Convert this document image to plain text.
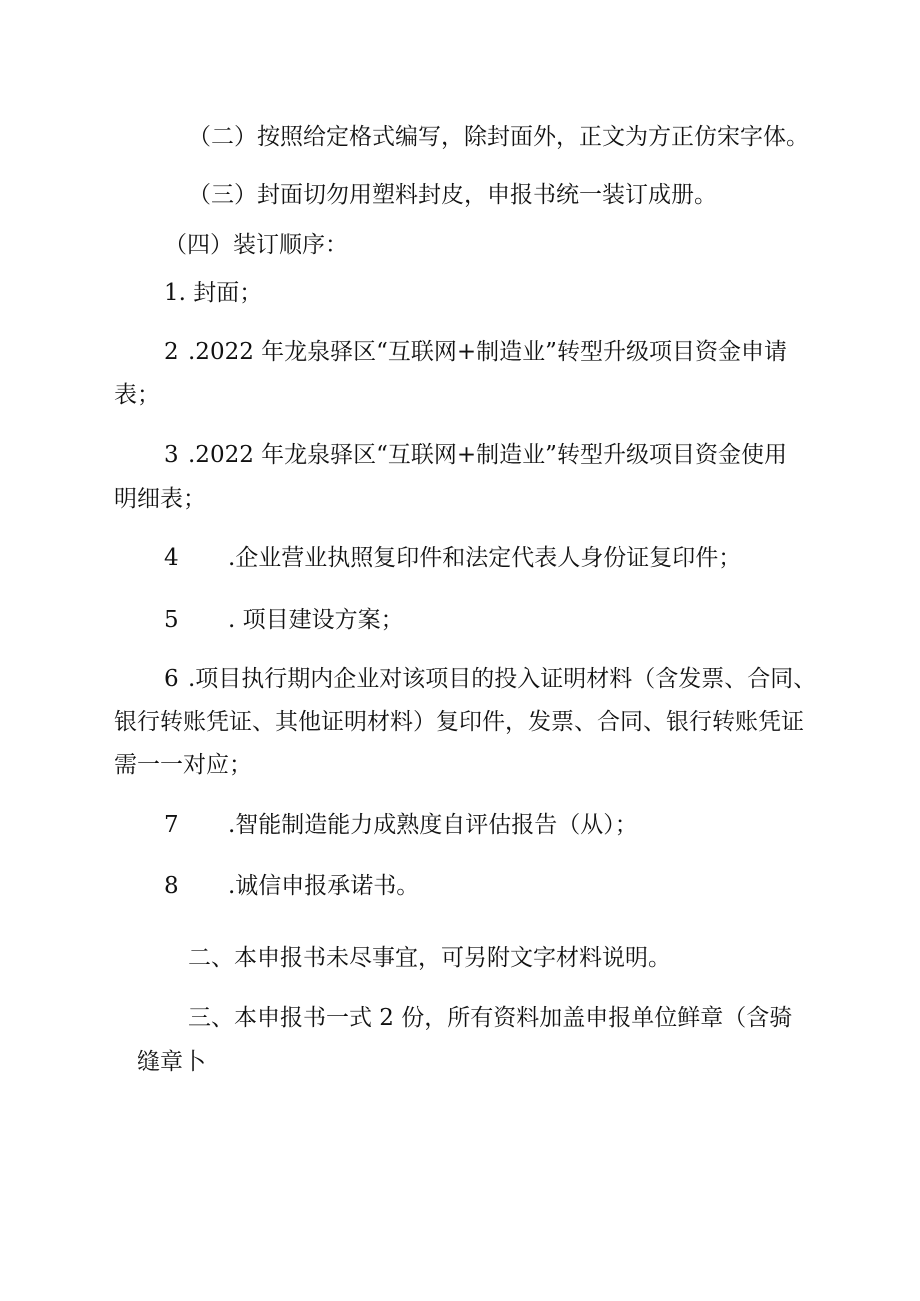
（二）按照给定格式编写，除封面外，正文为方正仿宋字体。
（三）封面切勿用塑料封皮，申报书统一装订成册。
（四）装订顺序：
1. 封面；
2 .2022 年龙泉驿区“互联网+制造业”转型升级项目资金申请
表；
3 .2022 年龙泉驿区“互联网+制造业”转型升级项目资金使用
明细表；
4 .企业营业执照复印件和法定代表人身份证复印件；
5 . 项目建设方案；
6 .项目执行期内企业对该项目的投入证明材料（含发票、合同、
银行转账凭证、其他证明材料）复印件，发票、合同、银行转账凭证
需一一对应；
7 .智能制造能力成熟度自评估报告（从）；
8 .诚信申报承诺书。
二、本申报书未尽事宜，可另附文字材料说明。
三、本申报书一式 2 份，所有资料加盖申报单位鲜章（含骑
缝章卜
